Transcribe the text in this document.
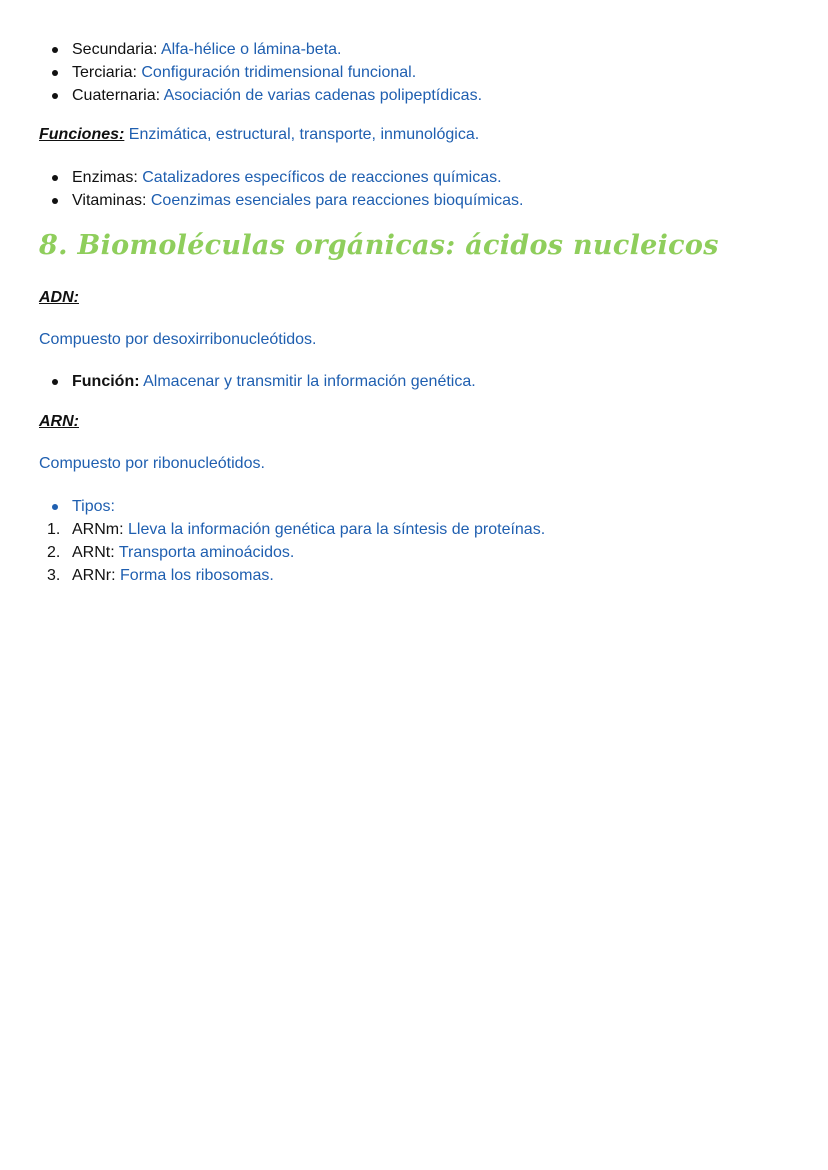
Secundaria: Alfa-hélice o lámina-beta.
Terciaria: Configuración tridimensional funcional.
Cuaternaria: Asociación de varias cadenas polipeptídicas.

Funciones: Enzimática, estructural, transporte, inmunológica.

Enzimas: Catalizadores específicos de reacciones químicas.
Vitaminas: Coenzimas esenciales para reacciones bioquímicas.
8. Biomoléculas orgánicas: ácidos nucleicos

ADN:

Compuesto por desoxirribonucleótidos.

Función: Almacenar y transmitir la información genética.

ARN:

Compuesto por ribonucleótidos.

Tipos:
1. ARNm: Lleva la información genética para la síntesis de proteínas.
2. ARNt: Transporta aminoácidos.
3. ARNr: Forma los ribosomas.
